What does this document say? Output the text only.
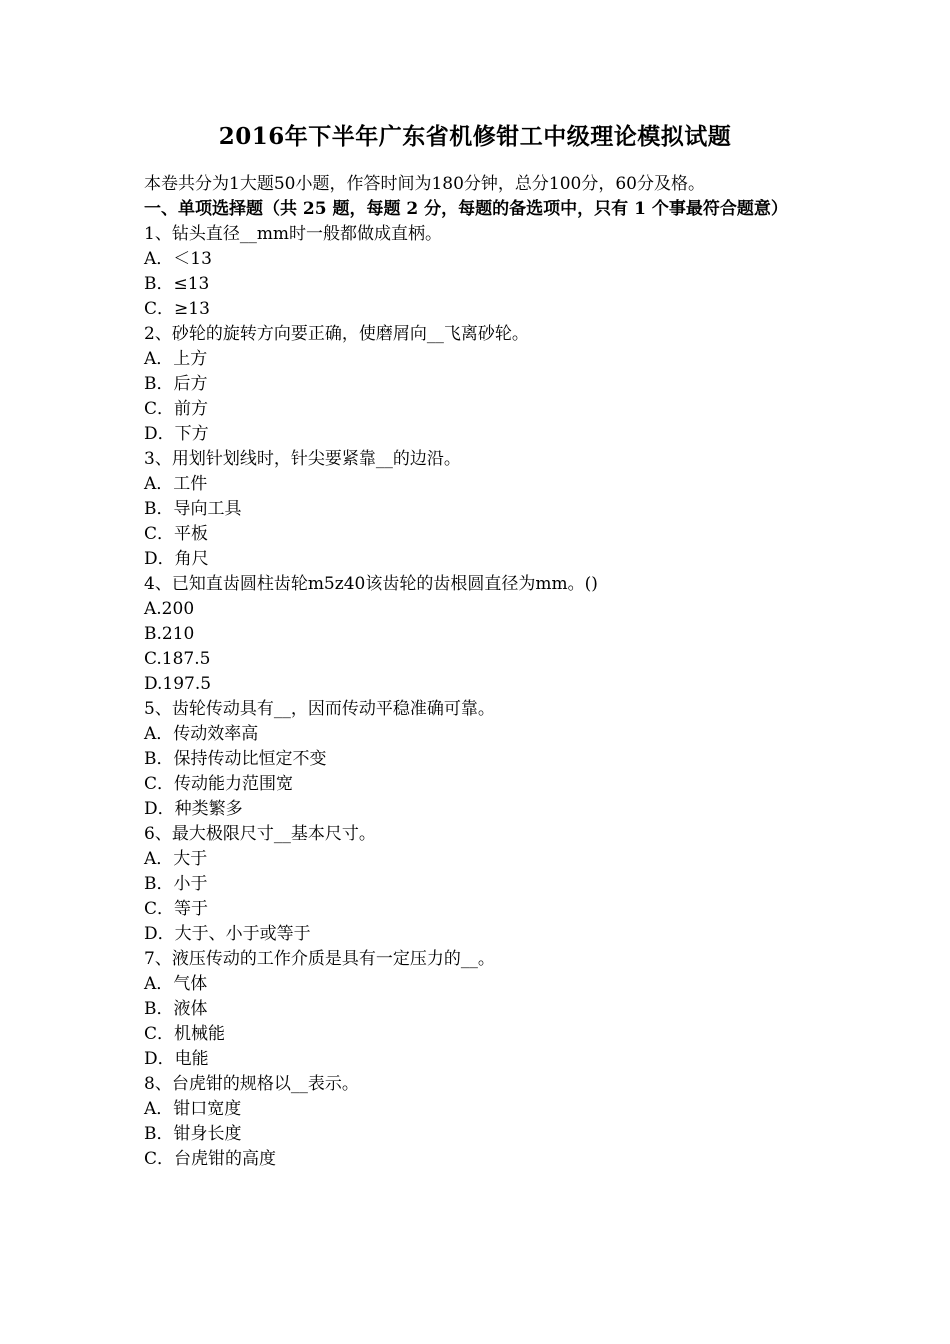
2016年下半年广东省机修钳工中级理论模拟试题
本卷共分为1大题50小题，作答时间为180分钟，总分100分，60分及格。
一、单项选择题（共 25 题，每题 2 分，每题的备选项中，只有 1 个事最符合题意）
1、钻头直径__mm时一般都做成直柄。
A．＜13
B．≤13
C．≥13
2、砂轮的旋转方向要正确，使磨屑向__飞离砂轮。
A．上方
B．后方
C．前方
D．下方
3、用划针划线时，针尖要紧靠__的边沿。
A．工件
B．导向工具
C．平板
D．角尺
4、已知直齿圆柱齿轮m5z40该齿轮的齿根圆直径为mm。()
A.200
B.210
C.187.5
D.197.5
5、齿轮传动具有__，因而传动平稳准确可靠。
A．传动效率高
B．保持传动比恒定不变
C．传动能力范围宽
D．种类繁多
6、最大极限尺寸__基本尺寸。
A．大于
B．小于
C．等于
D．大于、小于或等于
7、液压传动的工作介质是具有一定压力的__。
A．气体
B．液体
C．机械能
D．电能
8、台虎钳的规格以__表示。
A．钳口宽度
B．钳身长度
C．台虎钳的高度
